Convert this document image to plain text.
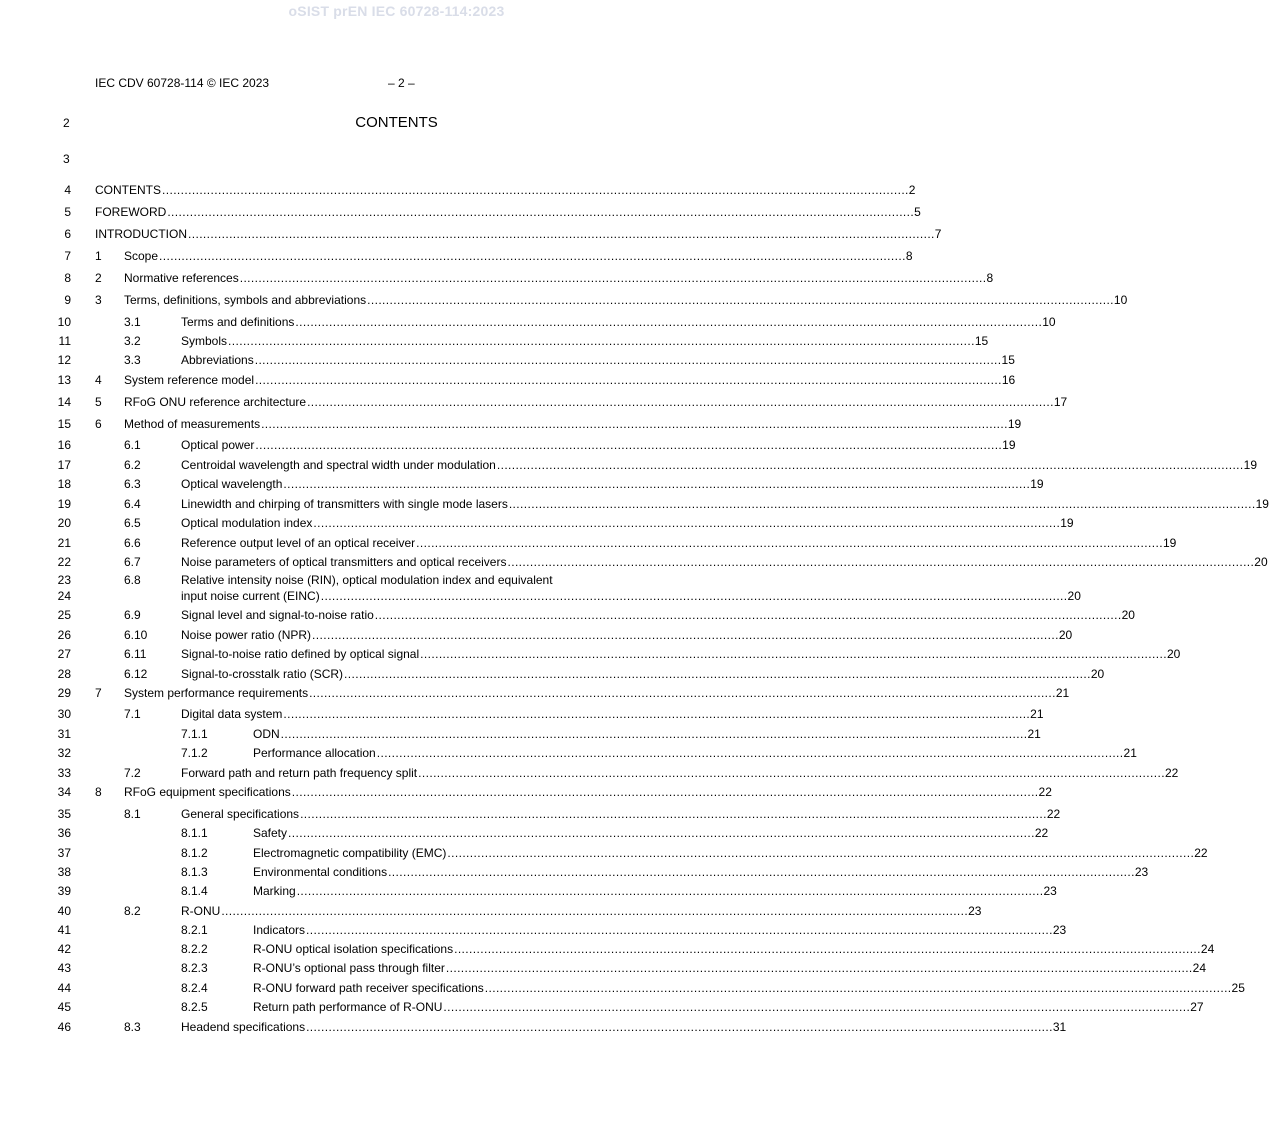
oSIST prEN IEC 60728-114:2023
IEC CDV 60728-114 © IEC 2023	– 2 –
2	CONTENTS
3
4 CONTENTS ........................................................................................................................................................................................................ 2
5 FOREWORD ........................................................................................................................................................................................................ 5
6 INTRODUCTION ........................................................................................................................................................................................................ 7
7 1 Scope ........................................................................................................................................................................................................ 8
8 2 Normative references ........................................................................................................................................................................................................ 8
9 3 Terms, definitions, symbols and abbreviations ........................................................................................................................................................................................................ 10
10	3.1	Terms and definitions ........................................................................................................................................................................................................ 10
11	3.2	Symbols ........................................................................................................................................................................................................ 15
12	3.3	Abbreviations ........................................................................................................................................................................................................ 15
13 4 System reference model ........................................................................................................................................................................................................ 16
14 5 RFoG ONU reference architecture ........................................................................................................................................................................................................ 17
15 6 Method of measurements ........................................................................................................................................................................................................ 19
16	6.1	Optical power ........................................................................................................................................................................................................ 19
17	6.2	Centroidal wavelength and spectral width under modulation ........................................................................................................................................................................................................ 19
18	6.3	Optical wavelength ........................................................................................................................................................................................................ 19
19	6.4	Linewidth and chirping of transmitters with single mode lasers ........................................................................................................................................................................................................ 19
20	6.5	Optical modulation index ........................................................................................................................................................................................................ 19
21	6.6	Reference output level of an optical receiver ........................................................................................................................................................................................................ 19
22	6.7	Noise parameters of optical transmitters and optical receivers ........................................................................................................................................................................................................ 20
23
24
6.8	Relative intensity noise (RIN), optical modulation index and equivalent
input noise current (EINC) ........................................................................................................................................................................................................ 20
25	6.9	Signal level and signal-to-noise ratio ........................................................................................................................................................................................................ 20
26	6.10	Noise power ratio (NPR) ........................................................................................................................................................................................................ 20
27	6.11	Signal-to-noise ratio defined by optical signal ........................................................................................................................................................................................................ 20
28	6.12	Signal-to-crosstalk ratio (SCR) ........................................................................................................................................................................................................ 20
29 7 System performance requirements ........................................................................................................................................................................................................ 21
30	7.1	Digital data system ........................................................................................................................................................................................................ 21
31	7.1.1	ODN ........................................................................................................................................................................................................ 21
32	7.1.2	Performance allocation ........................................................................................................................................................................................................ 21
33	7.2	Forward path and return path frequency split ........................................................................................................................................................................................................ 22
34 8 RFoG equipment specifications ........................................................................................................................................................................................................ 22
35	8.1	General specifications ........................................................................................................................................................................................................ 22
36	8.1.1	Safety ........................................................................................................................................................................................................ 22
37	8.1.2	Electromagnetic compatibility (EMC) ........................................................................................................................................................................................................ 22
38	8.1.3	Environmental conditions ........................................................................................................................................................................................................ 23
39	8.1.4	Marking ........................................................................................................................................................................................................ 23
40	8.2	R-ONU ........................................................................................................................................................................................................ 23
41	8.2.1	Indicators ........................................................................................................................................................................................................ 23
42	8.2.2	R-ONU optical isolation specifications ........................................................................................................................................................................................................ 24
43	8.2.3	R-ONU’s optional pass through filter ........................................................................................................................................................................................................ 24
44	8.2.4	R-ONU forward path receiver specifications ........................................................................................................................................................................................................ 25
45	8.2.5	Return path performance of R-ONU ........................................................................................................................................................................................................ 27
46	8.3	Headend specifications ........................................................................................................................................................................................................ 31
